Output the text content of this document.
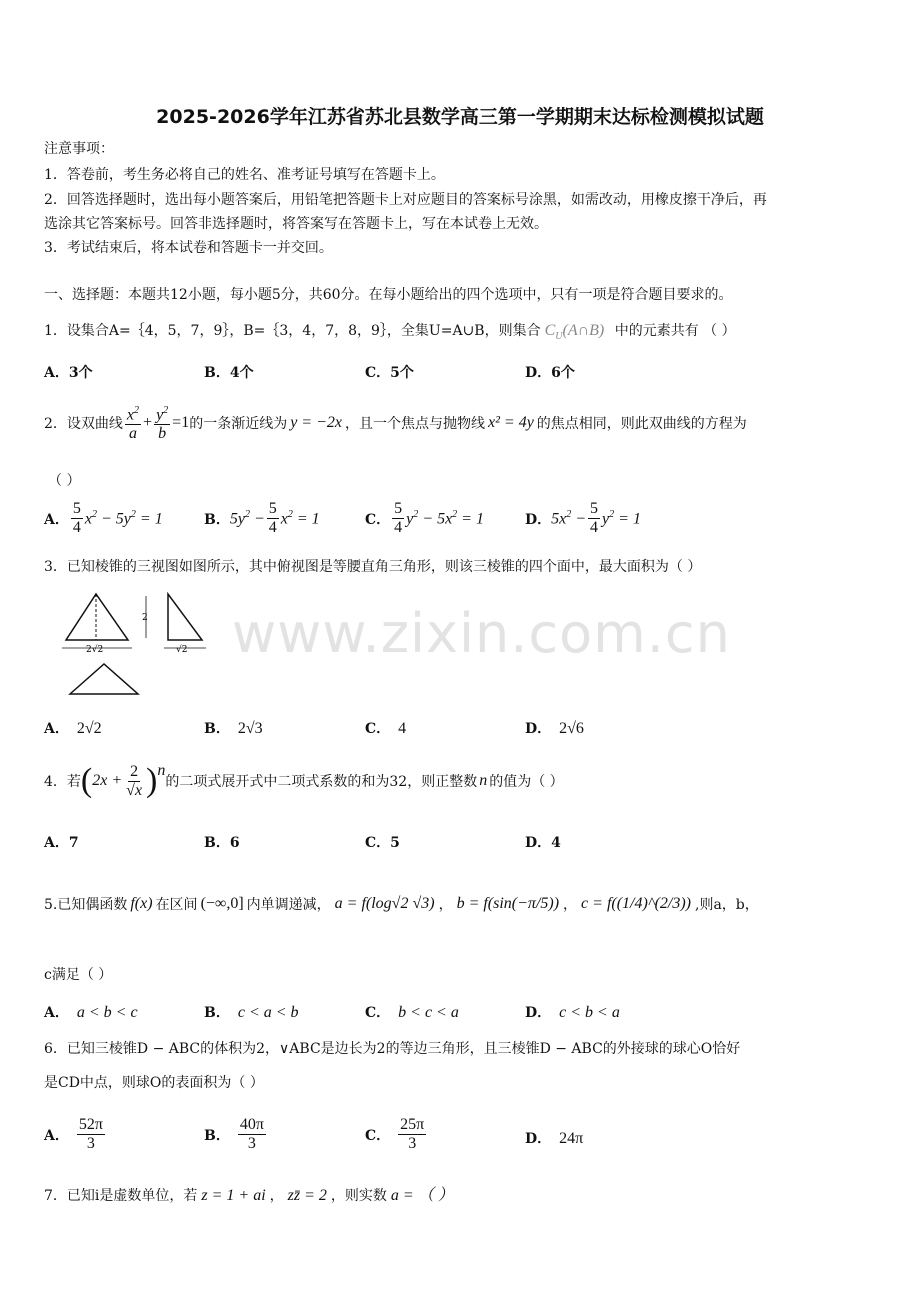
2025-2026学年江苏省苏北县数学高三第一学期期末达标检测模拟试题
注意事项：
1．答卷前，考生务必将自己的姓名、准考证号填写在答题卡上。
2．回答选择题时，选出每小题答案后，用铅笔把答题卡上对应题目的答案标号涂黑，如需改动，用橡皮擦干净后，再
选涂其它答案标号。回答非选择题时，将答案写在答题卡上，写在本试卷上无效。
3．考试结束后，将本试卷和答题卡一并交回。
一、选择题：本题共12小题，每小题5分，共60分。在每小题给出的四个选项中，只有一项是符合题目要求的。
1．设集合A=｛4，5，7，9｝，B=｛3，4，7，8，9｝，全集U=A∪B，则集合 $C_U(A\cap B)$ 中的元素共有 （ ）
A．3个	B．4个	C．5个	D．6个
2．设双曲线 $\frac{x^2}{a} + \frac{y^2}{b} =1$ 的一条渐近线为 y = −2x ，且一个焦点与抛物线 x² = 4y 的焦点相同，则此双曲线的方程为
（ ）
A． $\frac{5}{4} x^2 - 5y^2 = 1$	B． $5y^2 - \frac{5}{4} x^2 = 1$	C． $\frac{5}{4} y^2 - 5x^2 = 1$	D． $5x^2 - \frac{5}{4} y^2 = 1$
3．已知棱锥的三视图如图所示，其中俯视图是等腰直角三角形，则该三棱锥的四个面中，最大面积为（ ）
2√2
2
√2
A． 2√2	B． 2√3	C． 4	D． 2√6
4．若 ( $2x + \frac{2}{√x}$ ) n
的二项式展开式中二项式系数的和为32，则正整数 n 的值为（ ）
A．7	B．6	C．5	D．4
5.已知偶函数 f(x) 在区间 (−∞,0] 内单调递减， a = f(log√2 √3) ， b = f(sin(−π/5)) ， c = f((1/4)^(2/3)) ,则a，b，
c满足（ ）
A． a < b < c	B． c < a < b	C． b < c < a	D． c < b < a
6．已知三棱锥D − ABC的体积为2，∨ABC是边长为2的等边三角形，且三棱锥D − ABC的外接球的球心O恰好
是CD中点，则球O的表面积为（ ）
A． $\frac{52\pi}{3}$	B． $\frac{40\pi}{3}$	C． $\frac{25\pi}{3}$	D． 24π
7．已知i是虚数单位，若 z = 1 + ai ， zz̄ = 2 ，则实数 a = （ ）
www.zixin.com.cn
